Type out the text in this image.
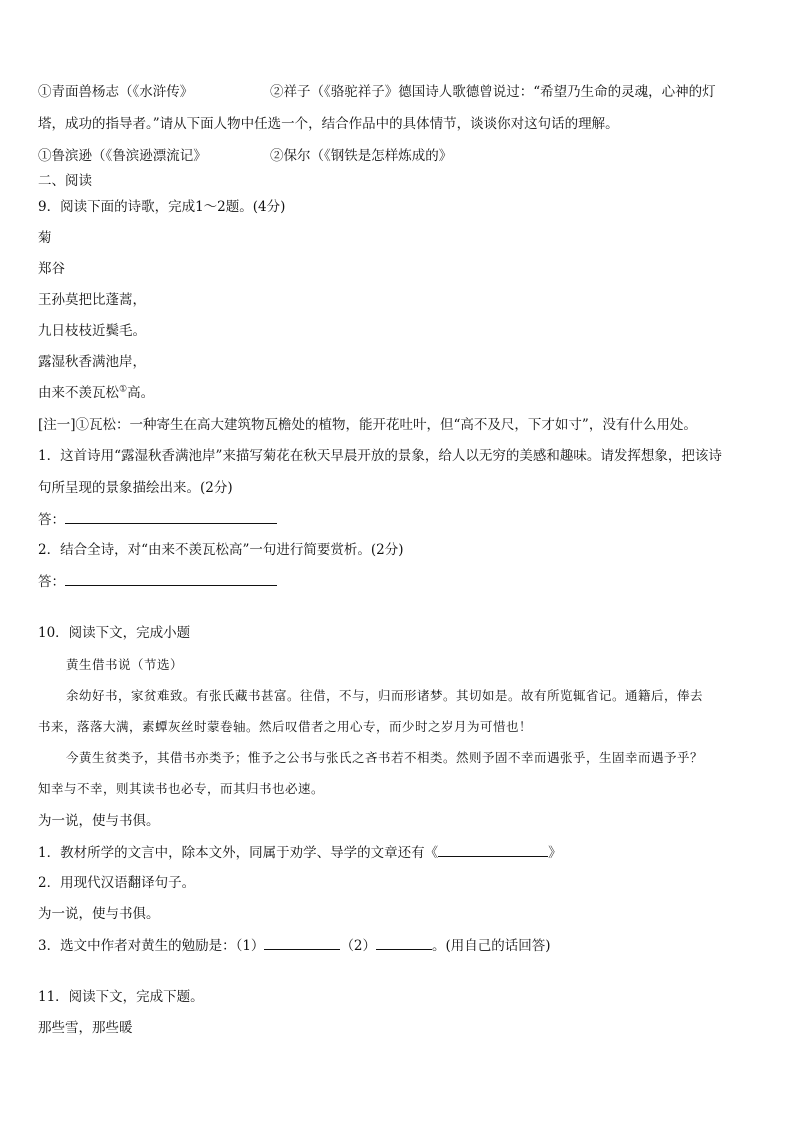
①青面兽杨志（《水浒传》	②祥子（《骆驼祥子》德国诗人歌德曾说过：“希望乃生命的灵魂，心神的灯
塔，成功的指导者。”请从下面人物中任选一个，结合作品中的具体情节，谈谈你对这句话的理解。
①鲁滨逊（《鲁滨逊漂流记》	②保尔（《钢铁是怎样炼成的》
二、阅读
9．阅读下面的诗歌，完成1～2题。(4分)
菊
郑谷
王孙莫把比蓬蒿，
九日枝枝近鬓毛。
露湿秋香满池岸，
由来不羡瓦松①高。
[注一]①瓦松：一种寄生在高大建筑物瓦檐处的植物，能开花吐叶，但“高不及尺，下才如寸”，没有什么用处。
1．这首诗用“露湿秋香满池岸”来描写菊花在秋天早晨开放的景象，给人以无穷的美感和趣味。请发挥想象，把该诗
句所呈现的景象描绘出来。(2分)
答：
2．结合全诗，对“由来不羡瓦松高”一句进行简要赏析。(2分)
答：
10．阅读下文，完成小题
黄生借书说（节选）
余幼好书，家贫难致。有张氏藏书甚富。往借，不与，归而形诸梦。其切如是。故有所览辄省记。通籍后，俸去
书来，落落大满，素蟫灰丝时蒙卷轴。然后叹借者之用心专，而少时之岁月为可惜也！
今黄生贫类予，其借书亦类予；惟予之公书与张氏之吝书若不相类。然则予固不幸而遇张乎，生固幸而遇予乎？
知幸与不幸，则其读书也必专，而其归书也必速。
为一说，使与书俱。
1．教材所学的文言中，除本文外，同属于劝学、导学的文章还有《	》
2．用现代汉语翻译句子。
为一说，使与书俱。
3．选文中作者对黄生的勉励是：（1）	（2）	。(用自己的话回答)
11．阅读下文，完成下题。
那些雪，那些暖
